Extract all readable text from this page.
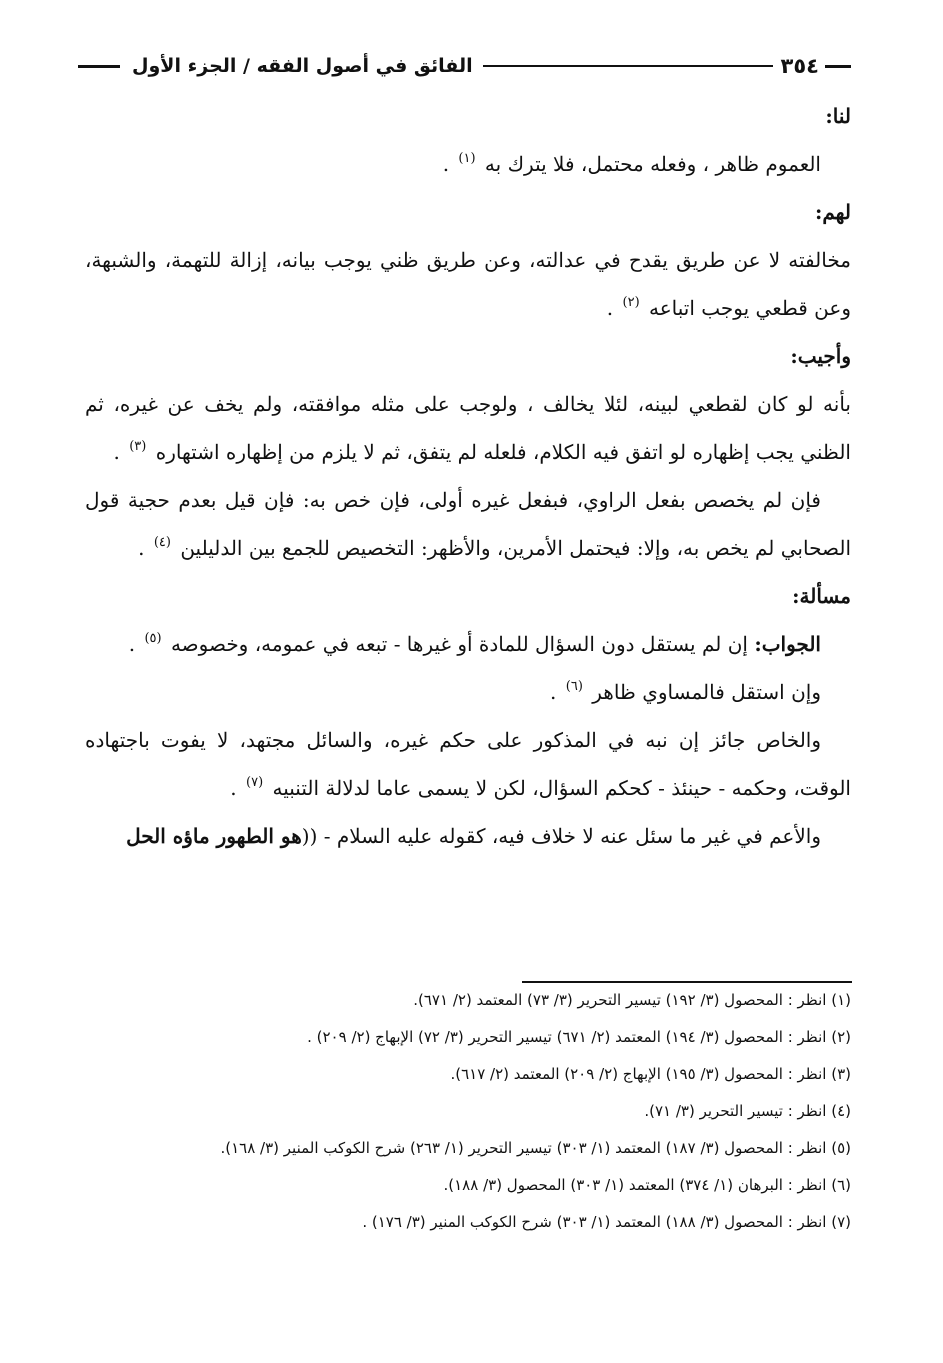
٣٥٤
الفائق في أصول الفقه / الجزء الأول
لنا:

العموم ظاهر ، وفعله محتمل، فلا يترك به $^{(١)}$ .

لهم:

مخالفته لا عن طريق يقدح في عدالته، وعن طريق ظني يوجب بيانه، إزالة للتهمة، والشبهة، وعن قطعي يوجب اتباعه $^{(٢)}$ .

وأجيب:

بأنه لو كان لقطعي لبينه، لئلا يخالف ، ولوجب على مثله موافقته، ولم يخف عن غيره، ثم الظني يجب إظهاره لو اتفق فيه الكلام، فلعله لم يتفق، ثم لا يلزم من إظهاره اشتهاره $^{(٣)}$ .

فإن لم يخصص بفعل الراوي، فبفعل غيره أولى، فإن خص به: فإن قيل بعدم حجية قول الصحابي لم يخص به، وإلا: فيحتمل الأمرين، والأظهر: التخصيص للجمع بين الدليلين $^{(٤)}$ .

مسألة:

الجواب: إن لم يستقل دون السؤال للمادة أو غيرها - تبعه في عمومه، وخصوصه $^{(٥)}$ .

وإن استقل فالمساوي ظاهر $^{(٦)}$ .

والخاص جائز إن نبه في المذكور على حكم غيره، والسائل مجتهد، لا يفوت باجتهاده الوقت، وحكمه - حينئذ - كحكم السؤال، لكن لا يسمى عاما لدلالة التنبيه $^{(٧)}$ .

والأعم في غير ما سئل عنه لا خلاف فيه، كقوله عليه السلام - ((هو الطهور ماؤه الحل

(١) انظر : المحصول (٣/ ١٩٢) تيسير التحرير (٣/ ٧٣) المعتمد (٢/ ٦٧١).

(٢) انظر : المحصول (٣/ ١٩٤) المعتمد (٢/ ٦٧١) تيسير التحرير (٣/ ٧٢) الإبهاج (٢/ ٢٠٩) .

(٣) انظر : المحصول (٣/ ١٩٥) الإبهاج (٢/ ٢٠٩) المعتمد (٢/ ٦١٧).

(٤) انظر : تيسير التحرير (٣/ ٧١).

(٥) انظر : المحصول (٣/ ١٨٧) المعتمد (١/ ٣٠٣) تيسير التحرير (١/ ٢٦٣) شرح الكوكب المنير (٣/ ١٦٨).

(٦) انظر : البرهان (١/ ٣٧٤) المعتمد (١/ ٣٠٣) المحصول (٣/ ١٨٨).

(٧) انظر : المحصول (٣/ ١٨٨) المعتمد (١/ ٣٠٣) شرح الكوكب المنير (٣/ ١٧٦) .
